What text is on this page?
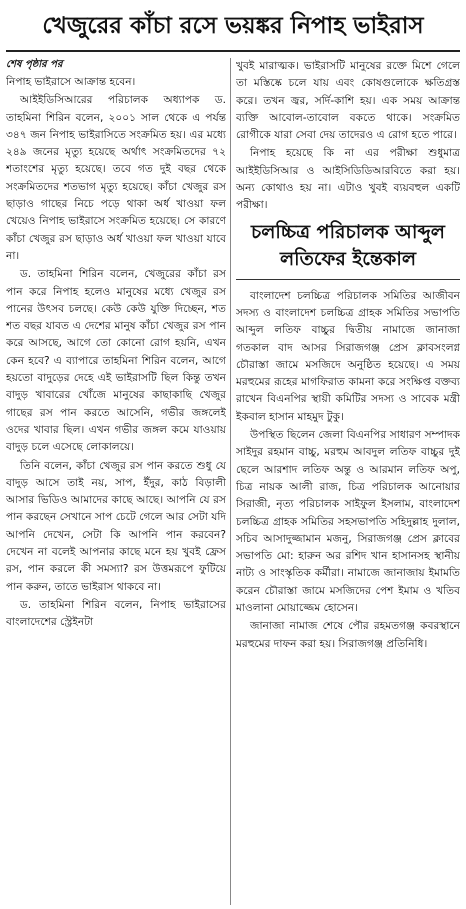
খেজুরের কাঁচা রসে ভয়ঙ্কর নিপাহ ভাইরাস
শেষ পৃষ্ঠার পর

নিপাহ ভাইরাসে আক্রান্ত হবেন।

আইইডিসিআরের পরিচালক অধ্যাপক ড. তাহমিনা শিরিন বলেন, ২০০১ সাল থেকে এ পর্যন্ত ৩৪৭ জন নিপাহ ভাইরাসিতে সংক্রমিত হয়। এর মধ্যে ২৪৯ জনের মৃত্যু হয়েছে অর্থাৎ সংক্রমিতদের ৭২ শতাংশের মৃত্যু হয়েছে। তবে গত দুই বছর থেকে সংক্রমিতদের শতভাগ মৃত্যু হয়েছে। কাঁচা খেজুর রস ছাড়াও গাছের নিচে পড়ে থাকা অর্ধ খাওয়া ফল খেয়েও নিপাহ ভাইরাসে সংক্রমিত হয়েছে। সে কারণে কাঁচা খেজুর রস ছাড়াও অর্ধ খাওয়া ফল খাওয়া যাবে না।

ড. তাহমিনা শিরিন বলেন, খেজুরের কাঁচা রস পান করে নিপাহ হলেও মানুষের মধ্যে খেজুর রস পানের উৎসব চলছে। কেউ কেউ যুক্তি দিচ্ছেন, শত শত বছর যাবত এ দেশের মানুষ কাঁচা খেজুর রস পান করে আসছে, আগে তো কোনো রোগ হয়নি, এখন কেন হবে? এ ব্যাপারে তাহমিনা শিরিন বলেন, আগে হয়তো বাদুড়ের দেহে এই ভাইরাসটি ছিল কিন্তু তখন বাদুড় খাবারের খোঁজে মানুষের কাছাকাছি খেজুর গাছের রস পান করতে আসেনি, গভীর জঙ্গলেই ওদের খাবার ছিল। এখন গভীর জঙ্গল কমে যাওয়ায় বাদুড় চলে এসেছে লোকালয়ে।

তিনি বলেন, কাঁচা খেজুর রস পান করতে শুধু যে বাদুড় আসে তাই নয়, সাপ, ইঁদুর, কাঠ বিড়ালী আসার ভিডিও আমাদের কাছে আছে। আপনি যে রস পান করছেন সেখানে সাপ চেটে গেলে আর সেটা যদি আপনি দেখেন, সেটা কি আপনি পান করবেন? দেখেন না বলেই আপনার কাছে মনে হয় খুবই ফ্রেস রস, পান করলে কী সমস্যা? রস উত্তমরূপে ফুটিয়ে পান করুন, তাতে ভাইরাস থাকবে না।

ড. তাহমিনা শিরিন বলেন, নিপাহ ভাইরাসের বাংলাদেশের স্ট্রেইনটা

খুবই মারাত্মক। ভাইরাসটি মানুষের রক্তে মিশে গেলে তা মস্তিষ্কে চলে যায় এবং কোষগুলোকে ক্ষতিগ্রস্ত করে। তখন জ্বর, সর্দি-কাশি হয়। এক সময় আক্রান্ত ব্যক্তি আবোল-তাবোল বকতে থাকে। সংক্রমিত রোগীকে যারা সেবা দেয় তাদেরও এ রোগ হতে পারে।

নিপাহ হয়েছে কি না এর পরীক্ষা শুধুমাত্র আইইডিসিআর ও আইসিডিডিআরবিতে করা হয়। অন্য কোথাও হয় না। এটাও খুবই ব্যয়বহুল একটি পরীক্ষা।

চলচ্চিত্র পরিচালক আব্দুল লতিফের ইন্তেকাল

বাংলাদেশ চলচ্চিত্র পরিচালক সমিতির আজীবন সদস্য ও বাংলাদেশ চলচ্চিত্র গ্রাহক সমিতির সভাপতি আব্দুল লতিফ বাচ্চুর দ্বিতীয় নামাজে জানাজা গতকাল বাদ আসর সিরাজগঞ্জ প্রেস ক্লাবসংলগ্ন চৌরাস্তা জামে মসজিদে অনুষ্ঠিত হয়েছে। এ সময় মরহুমের রূহের মাগফিরাত কামনা করে সংক্ষিপ্ত বক্তব্য রাখেন বিএনপির স্থায়ী কমিটির সদস্য ও সাবেক মন্ত্রী ইকবাল হাসান মাহমুদ টুকু।

উপস্থিত ছিলেন জেলা বিএনপির সাধারণ সম্পাদক সাইদুর রহমান বাচ্চু, মরহুম আবদুল লতিফ বাচ্চুর দুই ছেলে আরশাদ লতিফ অন্তু ও আরমান লতিফ অপু, চিত্র নায়ক আলী রাজ, চিত্র পরিচালক আনোয়ার সিরাজী, নৃত্য পরিচালক সাইফুল ইসলাম, বাংলাদেশ চলচ্চিত্র গ্রাহক সমিতির সহসভাপতি সহিদুল্লাহ দুলাল, সচিব আসাদুজ্জামান মজনু, সিরাজগঞ্জ প্রেস ক্লাবের সভাপতি মো: হারুন অর রশিদ খান হাসানসহ স্থানীয় নাট্য ও সাংস্কৃতিক কর্মীরা। নামাজে জানাজায় ইমামতি করেন চৌরাস্তা জামে মসজিদের পেশ ইমাম ও খতিব মাওলানা মোয়াজ্জেম হোসেন।

জানাজা নামাজ শেষে পৌর রহমতগঞ্জ কবরস্থানে মরহুমের দাফন করা হয়। সিরাজগঞ্জ প্রতিনিধি।
